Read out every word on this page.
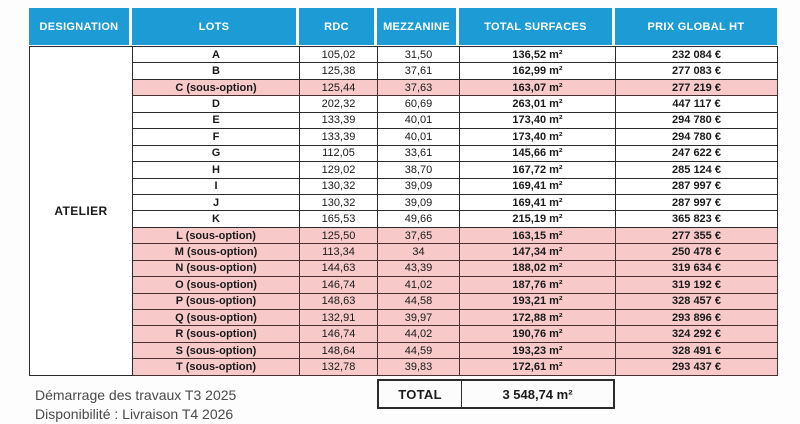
DESIGNATION	LOTS	RDC	MEZZANINE	TOTAL SURFACES	PRIX GLOBAL HT
ATELIER	A	105,02	31,50	136,52 m²	232 084 €
	B	125,38	37,61	162,99 m²	277 083 €
	C (sous-option)	125,44	37,63	163,07 m²	277 219 €
	D	202,32	60,69	263,01 m²	447 117 €
	E	133,39	40,01	173,40 m²	294 780 €
	F	133,39	40,01	173,40 m²	294 780 €
	G	112,05	33,61	145,66 m²	247 622 €
	H	129,02	38,70	167,72 m²	285 124 €
	I	130,32	39,09	169,41 m²	287 997 €
	J	130,32	39,09	169,41 m²	287 997 €
	K	165,53	49,66	215,19 m²	365 823 €
	L (sous-option)	125,50	37,65	163,15 m²	277 355 €
	M (sous-option)	113,34	34	147,34 m²	250 478 €
	N (sous-option)	144,63	43,39	188,02 m²	319 634 €
	O (sous-option)	146,74	41,02	187,76 m²	319 192 €
	P (sous-option)	148,63	44,58	193,21 m²	328 457 €
	Q (sous-option)	132,91	39,97	172,88 m²	293 896 €
	R (sous-option)	146,74	44,02	190,76 m²	324 292 €
	S (sous-option)	148,64	44,59	193,23 m²	328 491 €
	T (sous-option)	132,78	39,83	172,61 m²	293 437 €
TOTAL	3 548,74 m²
Démarrage des travaux T3 2025
Disponibilité : Livraison T4 2026
